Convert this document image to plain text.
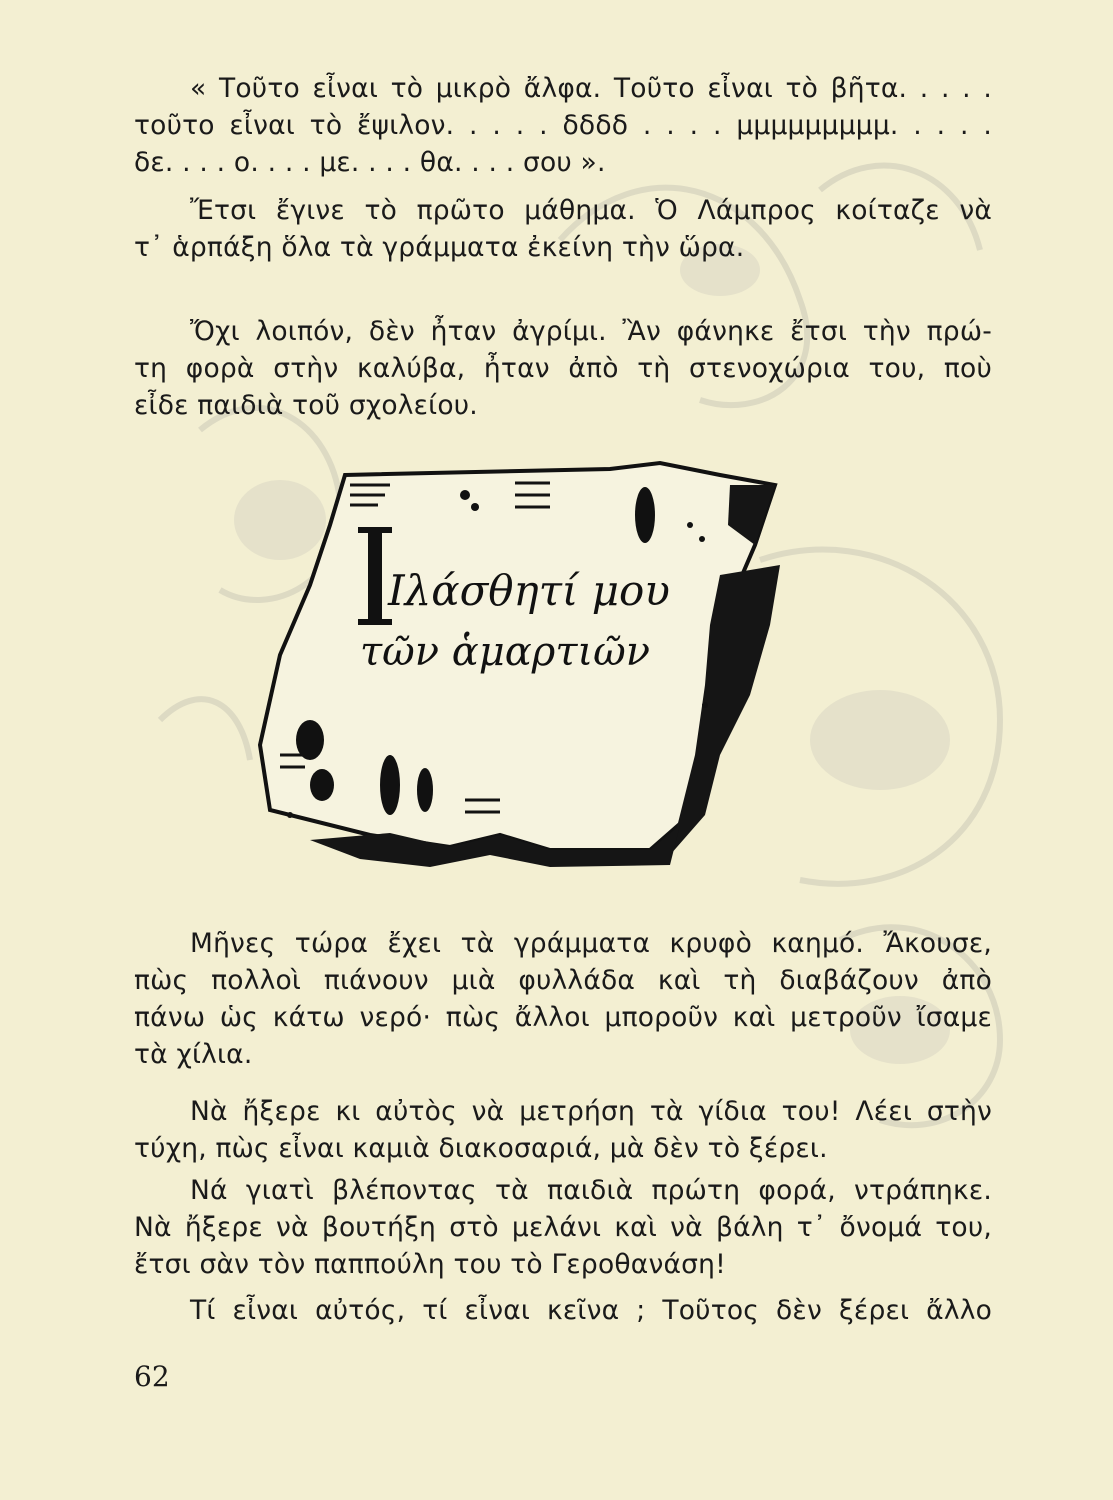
« Τοῦτο εἶναι τὸ μικρὸ ἄλφα. Τοῦτο εἶναι τὸ βῆτα. . . . .
τοῦτο εἶναι τὸ ἔψιλον. . . . . δδδδ . . . . μμμμμμμμμ. . . . .
δε. . . . ο. . . . με. . . . θα. . . . σου ».
Ἔτσι ἔγινε τὸ πρῶτο μάθημα. Ὁ Λάμπρος κοίταζε νὰ
τ᾽ ἁρπάξη ὅλα τὰ γράμματα ἐκείνη τὴν ὥρα.
Ὄχι λοιπόν, δὲν ἦταν ἀγρίμι. Ἂν φάνηκε ἔτσι τὴν πρώ-
τη φορὰ στὴν καλύβα, ἦταν ἀπὸ τὴ στενοχώρια του, ποὺ
εἶδε παιδιὰ τοῦ σχολείου.
Ιλάσθητί μου
τῶν ἁμαρτιῶν
Μῆνες τώρα ἔχει τὰ γράμματα κρυφὸ καημό. Ἄκουσε,
πὼς πολλοὶ πιάνουν μιὰ φυλλάδα καὶ τὴ διαβάζουν ἀπὸ
πάνω ὡς κάτω νερό· πὼς ἄλλοι μποροῦν καὶ μετροῦν ἴσαμε
τὰ χίλια.
Νὰ ἤξερε κι αὐτὸς νὰ μετρήση τὰ γίδια του! Λέει στὴν
τύχη, πὼς εἶναι καμιὰ διακοσαριά, μὰ δὲν τὸ ξέρει.
Νά γιατὶ βλέποντας τὰ παιδιὰ πρώτη φορά, ντράπηκε.
Νὰ ἤξερε νὰ βουτήξη στὸ μελάνι καὶ νὰ βάλη τ᾽ ὄνομά του,
ἔτσι σὰν τὸν παππούλη του τὸ Γεροθανάση!
Τί εἶναι αὐτός, τί εἶναι κεῖνα ; Τοῦτος δὲν ξέρει ἄλλο
62
